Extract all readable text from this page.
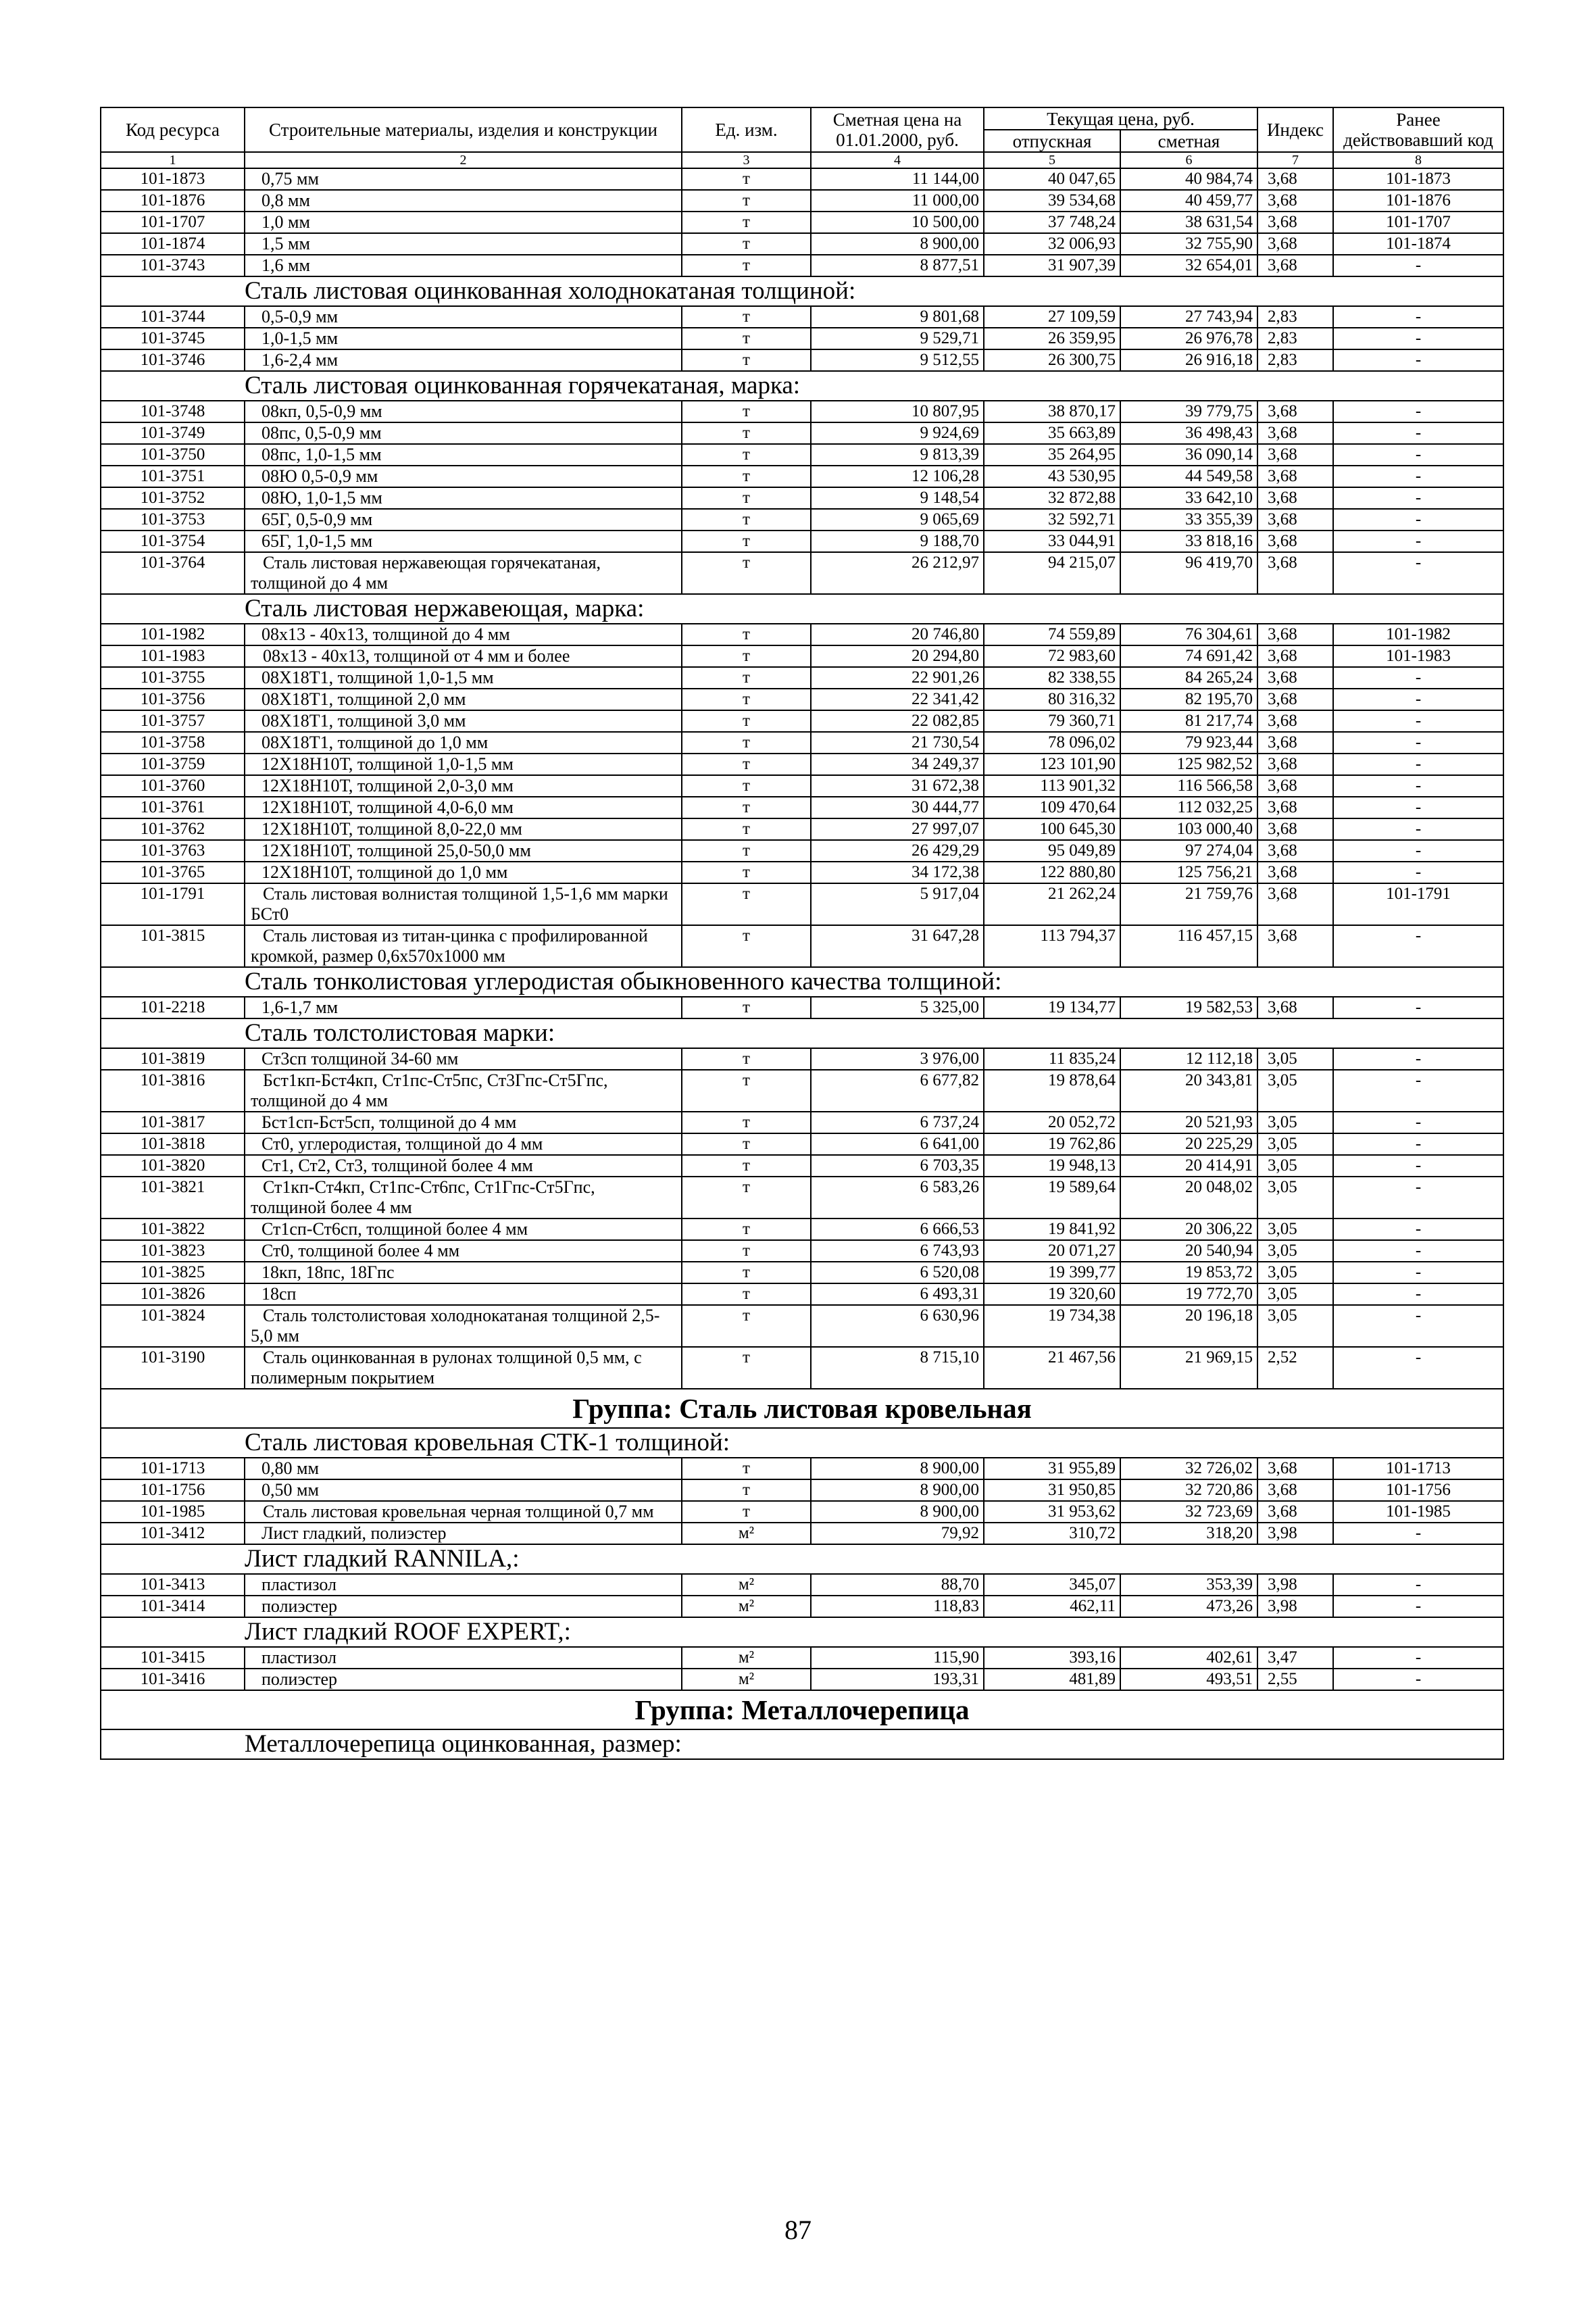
Код ресурса	Строительные материалы, изделия и конструкции	Ед. изм.	Сметная цена на 01.01.2000, руб.	Текущая цена, руб.		Индекс	Ранее действовавший код
				отпускная	сметная		
1	2	3	4	5	6	7	8
101-1873	0,75 мм	т	11 144,00	40 047,65	40 984,74	3,68	101-1873
101-1876	0,8 мм	т	11 000,00	39 534,68	40 459,77	3,68	101-1876
101-1707	1,0 мм	т	10 500,00	37 748,24	38 631,54	3,68	101-1707
101-1874	1,5 мм	т	8 900,00	32 006,93	32 755,90	3,68	101-1874
101-3743	1,6 мм	т	8 877,51	31 907,39	32 654,01	3,68	-
Сталь листовая оцинкованная холоднокатаная толщиной:							
101-3744	0,5-0,9 мм	т	9 801,68	27 109,59	27 743,94	2,83	-
101-3745	1,0-1,5 мм	т	9 529,71	26 359,95	26 976,78	2,83	-
101-3746	1,6-2,4 мм	т	9 512,55	26 300,75	26 916,18	2,83	-
Сталь листовая оцинкованная горячекатаная, марка:							
101-3748	08кп, 0,5-0,9 мм	т	10 807,95	38 870,17	39 779,75	3,68	-
101-3749	08пс, 0,5-0,9 мм	т	9 924,69	35 663,89	36 498,43	3,68	-
101-3750	08пс, 1,0-1,5 мм	т	9 813,39	35 264,95	36 090,14	3,68	-
101-3751	08Ю 0,5-0,9 мм	т	12 106,28	43 530,95	44 549,58	3,68	-
101-3752	08Ю, 1,0-1,5 мм	т	9 148,54	32 872,88	33 642,10	3,68	-
101-3753	65Г, 0,5-0,9 мм	т	9 065,69	32 592,71	33 355,39	3,68	-
101-3754	65Г, 1,0-1,5 мм	т	9 188,70	33 044,91	33 818,16	3,68	-
101-3764	Сталь листовая нержавеющая горячекатаная, толщиной до 4 мм	т	26 212,97	94 215,07	96 419,70	3,68	-
Сталь листовая нержавеющая, марка:							
101-1982	08х13 - 40х13, толщиной до 4 мм	т	20 746,80	74 559,89	76 304,61	3,68	101-1982
101-1983	08х13 - 40х13, толщиной от 4 мм и более	т	20 294,80	72 983,60	74 691,42	3,68	101-1983
101-3755	08Х18Т1, толщиной 1,0-1,5 мм	т	22 901,26	82 338,55	84 265,24	3,68	-
101-3756	08Х18Т1, толщиной 2,0 мм	т	22 341,42	80 316,32	82 195,70	3,68	-
101-3757	08Х18Т1, толщиной 3,0 мм	т	22 082,85	79 360,71	81 217,74	3,68	-
101-3758	08Х18Т1, толщиной до 1,0 мм	т	21 730,54	78 096,02	79 923,44	3,68	-
101-3759	12Х18Н10Т, толщиной 1,0-1,5 мм	т	34 249,37	123 101,90	125 982,52	3,68	-
101-3760	12Х18Н10Т, толщиной 2,0-3,0 мм	т	31 672,38	113 901,32	116 566,58	3,68	-
101-3761	12Х18Н10Т, толщиной 4,0-6,0 мм	т	30 444,77	109 470,64	112 032,25	3,68	-
101-3762	12Х18Н10Т, толщиной 8,0-22,0 мм	т	27 997,07	100 645,30	103 000,40	3,68	-
101-3763	12Х18Н10Т, толщиной 25,0-50,0 мм	т	26 429,29	95 049,89	97 274,04	3,68	-
101-3765	12Х18Н10Т, толщиной до 1,0 мм	т	34 172,38	122 880,80	125 756,21	3,68	-
101-1791	Сталь листовая волнистая толщиной 1,5-1,6 мм марки БСт0	т	5 917,04	21 262,24	21 759,76	3,68	101-1791
101-3815	Сталь листовая из титан-цинка с профилированной кромкой, размер 0,6х570х1000 мм	т	31 647,28	113 794,37	116 457,15	3,68	-
Сталь тонколистовая углеродистая обыкновенного качества толщиной:							
101-2218	1,6-1,7 мм	т	5 325,00	19 134,77	19 582,53	3,68	-
Сталь толстолистовая марки:							
101-3819	Ст3сп толщиной 34-60 мм	т	3 976,00	11 835,24	12 112,18	3,05	-
101-3816	Бст1кп-Бст4кп, Ст1пс-Ст5пс, Ст3Гпс-Ст5Гпс, толщиной до 4 мм	т	6 677,82	19 878,64	20 343,81	3,05	-
101-3817	Бст1сп-Бст5сп, толщиной до 4 мм	т	6 737,24	20 052,72	20 521,93	3,05	-
101-3818	Ст0, углеродистая, толщиной до 4 мм	т	6 641,00	19 762,86	20 225,29	3,05	-
101-3820	Ст1, Ст2, Ст3, толщиной более 4 мм	т	6 703,35	19 948,13	20 414,91	3,05	-
101-3821	Ст1кп-Ст4кп, Ст1пс-Ст6пс, Ст1Гпс-Ст5Гпс, толщиной более 4 мм	т	6 583,26	19 589,64	20 048,02	3,05	-
101-3822	Ст1сп-Ст6сп, толщиной более 4 мм	т	6 666,53	19 841,92	20 306,22	3,05	-
101-3823	Ст0, толщиной более 4 мм	т	6 743,93	20 071,27	20 540,94	3,05	-
101-3825	18кп, 18пс, 18Гпс	т	6 520,08	19 399,77	19 853,72	3,05	-
101-3826	18сп	т	6 493,31	19 320,60	19 772,70	3,05	-
101-3824	Сталь толстолистовая холоднокатаная толщиной 2,5-5,0 мм	т	6 630,96	19 734,38	20 196,18	3,05	-
101-3190	Сталь оцинкованная в рулонах толщиной 0,5 мм, с полимерным покрытием	т	8 715,10	21 467,56	21 969,15	2,52	-
Группа: Сталь листовая кровельная							
Сталь листовая кровельная СТК-1 толщиной:							
101-1713	0,80 мм	т	8 900,00	31 955,89	32 726,02	3,68	101-1713
101-1756	0,50 мм	т	8 900,00	31 950,85	32 720,86	3,68	101-1756
101-1985	Сталь листовая кровельная черная толщиной 0,7 мм	т	8 900,00	31 953,62	32 723,69	3,68	101-1985
101-3412	Лист гладкий, полиэстер	м²	79,92	310,72	318,20	3,98	-
Лист гладкий RANNILA,:							
101-3413	пластизол	м²	88,70	345,07	353,39	3,98	-
101-3414	полиэстер	м²	118,83	462,11	473,26	3,98	-
Лист гладкий ROOF EXPERT,:							
101-3415	пластизол	м²	115,90	393,16	402,61	3,47	-
101-3416	полиэстер	м²	193,31	481,89	493,51	2,55	-
Группа: Металлочерепица							
Металлочерепица оцинкованная, размер:							
87
